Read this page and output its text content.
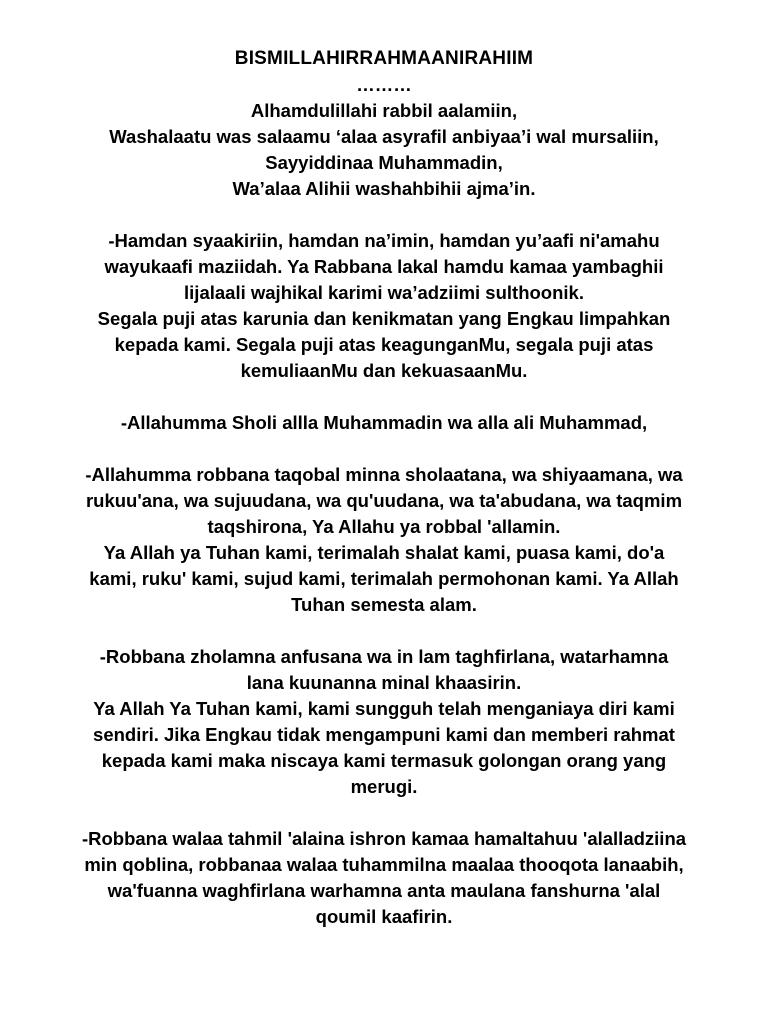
BISMILLAHIRRAHMAANIRAHIIM
………
Alhamdulillahi rabbil aalamiin,
Washalaatu was salaamu ‘alaa asyrafil anbiyaa’i wal mursaliin,
Sayyiddinaa Muhammadin,
Wa’alaa Alihii washahbihii ajma’in.
-Hamdan syaakiriin, hamdan na’imin, hamdan yu’aafi ni'amahu
wayukaafi maziidah. Ya Rabbana lakal hamdu kamaa yambaghii
lijalaali wajhikal karimi wa’adziimi sulthoonik.
Segala puji atas karunia dan kenikmatan yang Engkau limpahkan
kepada kami. Segala puji atas keagunganMu, segala puji atas
kemuliaanMu dan kekuasaanMu.
-Allahumma Sholi allla Muhammadin wa alla ali Muhammad,
-Allahumma robbana taqobal minna sholaatana, wa shiyaamana, wa
rukuu'ana, wa sujuudana, wa qu'uudana, wa ta'abudana, wa taqmim
taqshirona, Ya Allahu ya robbal 'allamin.
Ya Allah ya Tuhan kami, terimalah shalat kami, puasa kami, do'a
kami, ruku' kami, sujud kami, terimalah permohonan kami. Ya Allah
Tuhan semesta alam.
-Robbana zholamna anfusana wa in lam taghfirlana, watarhamna
lana kuunanna minal khaasirin.
Ya Allah Ya Tuhan kami, kami sungguh telah menganiaya diri kami
sendiri. Jika Engkau tidak mengampuni kami dan memberi rahmat
kepada kami maka niscaya kami termasuk golongan orang yang
merugi.
-Robbana walaa tahmil 'alaina ishron kamaa hamaltahuu 'alalladziina
min qoblina, robbanaa walaa tuhammilna maalaa thooqota lanaabih,
wa'fuanna waghfirlana warhamna anta maulana fanshurna 'alal
qoumil kaafirin.
